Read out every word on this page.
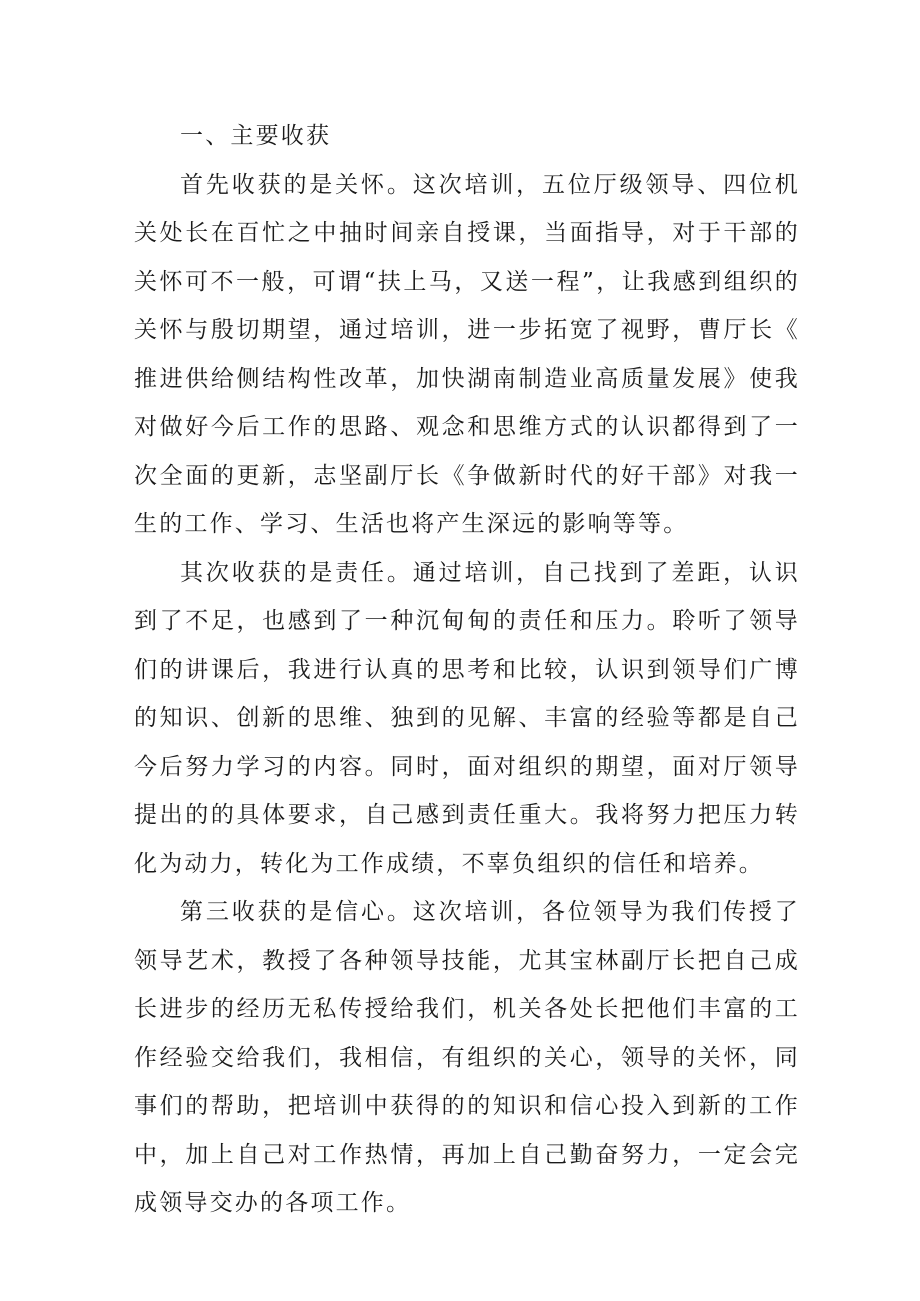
一、主要收获

首先收获的是关怀。这次培训，五位厅级领导、四位机关处长在百忙之中抽时间亲自授课，当面指导，对于干部的关怀可不一般，可谓“扶上马，又送一程”，让我感到组织的关怀与殷切期望，通过培训，进一步拓宽了视野，曹厅长《推进供给侧结构性改革，加快湖南制造业高质量发展》使我对做好今后工作的思路、观念和思维方式的认识都得到了一次全面的更新，志坚副厅长《争做新时代的好干部》对我一生的工作、学习、生活也将产生深远的影响等等。

其次收获的是责任。通过培训，自己找到了差距，认识到了不足，也感到了一种沉甸甸的责任和压力。聆听了领导们的讲课后，我进行认真的思考和比较，认识到领导们广博的知识、创新的思维、独到的见解、丰富的经验等都是自己今后努力学习的内容。同时，面对组织的期望，面对厅领导提出的的具体要求，自己感到责任重大。我将努力把压力转化为动力，转化为工作成绩，不辜负组织的信任和培养。

第三收获的是信心。这次培训，各位领导为我们传授了领导艺术，教授了各种领导技能，尤其宝林副厅长把自己成长进步的经历无私传授给我们，机关各处长把他们丰富的工作经验交给我们，我相信，有组织的关心，领导的关怀，同事们的帮助，把培训中获得的的知识和信心投入到新的工作中，加上自己对工作热情，再加上自己勤奋努力，一定会完成领导交办的各项工作。
